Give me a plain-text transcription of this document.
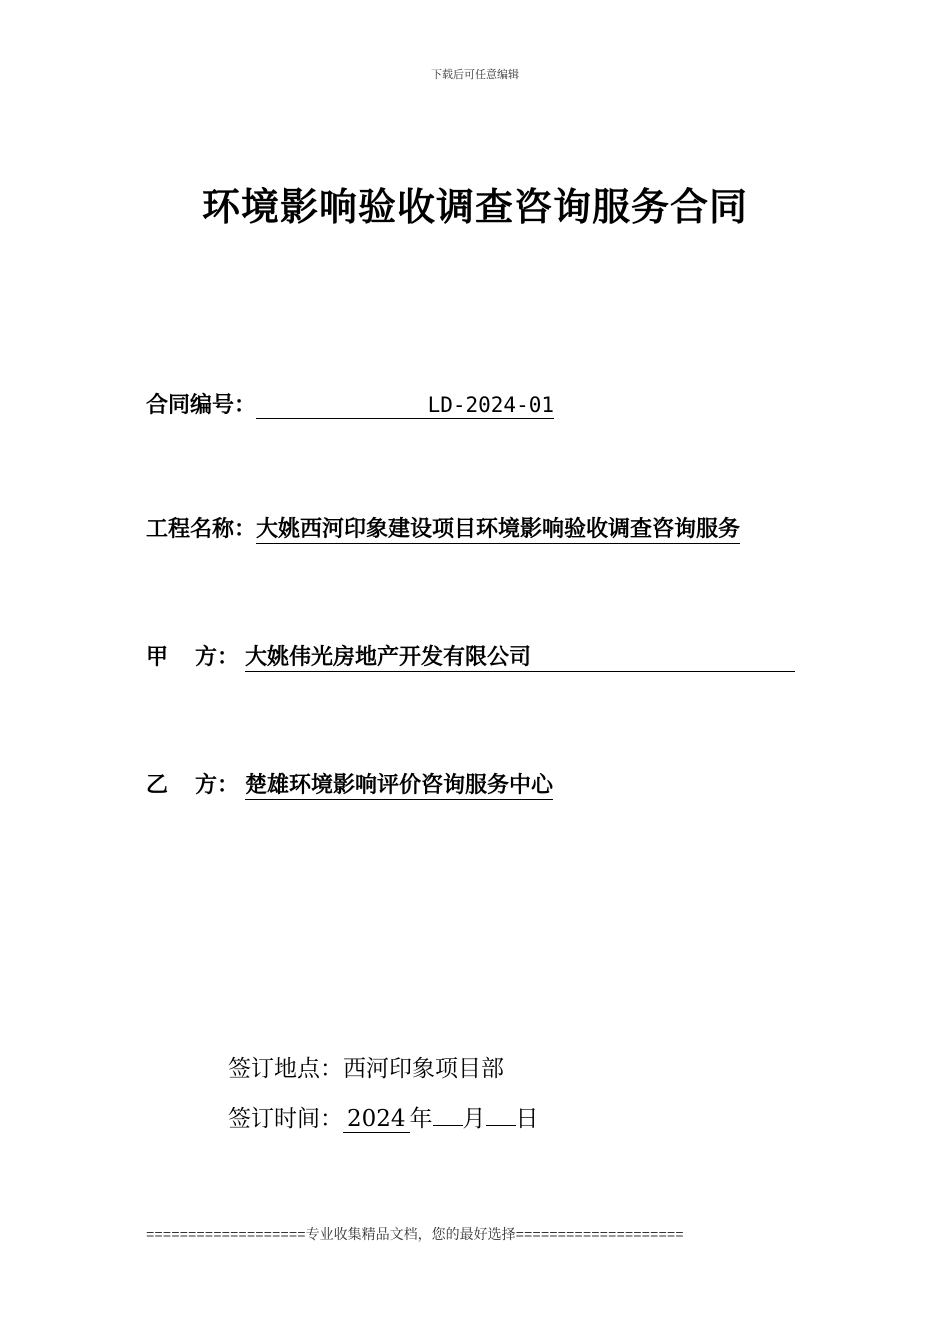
下载后可任意编辑
环境影响验收调查咨询服务合同
合同编号：	LD-2024-01
工程名称： 大姚西河印象建设项目环境影响验收调查咨询服务
甲 方： 大姚伟光房地产开发有限公司
乙 方： 楚雄环境影响评价咨询服务中心
签订地点：西河印象项目部
签订时间： 2024 年 月 日
===================专业收集精品文档，您的最好选择====================
